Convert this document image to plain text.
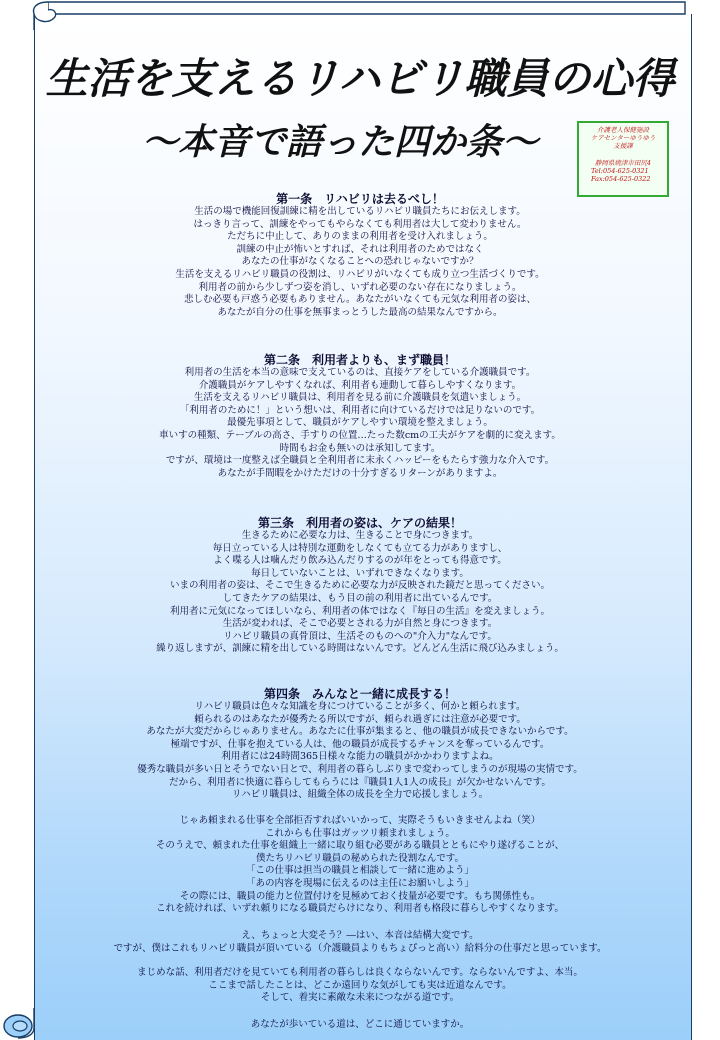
生活を支えるリハビリ職員の心得
～本音で語った四か条～	介護老人保健施設
ケアセンターゆうゆう
支援課
静岡県焼津市田尻4
Tel:054-625-0321
Fax:054-625-0322
第一条　リハビリは去るべし！
生活の場で機能回復訓練に精を出しているリハビリ職員たちにお伝えします。
はっきり言って、訓練をやってもやらなくても利用者は大して変わりません。
ただちに中止して、ありのままの利用者を受け入れましょう。
訓練の中止が怖いとすれば、それは利用者のためではなく
あなたの仕事がなくなることへの恐れじゃないですか？
生活を支えるリハビリ職員の役割は、リハビリがいなくても成り立つ生活づくりです。
利用者の前から少しずつ姿を消し、いずれ必要のない存在になりましょう。
悲しむ必要も戸惑う必要もありません。あなたがいなくても元気な利用者の姿は、
あなたが自分の仕事を無事まっとうした最高の結果なんですから。
第二条　利用者よりも、まず職員！
利用者の生活を本当の意味で支えているのは、直接ケアをしている介護職員です。
介護職員がケアしやすくなれば、利用者も連動して暮らしやすくなります。
生活を支えるリハビリ職員は、利用者を見る前に介護職員を気遣いましょう。
「利用者のために！」という想いは、利用者に向けているだけでは足りないのです。
最優先事項として、職員がケアしやすい環境を整えましょう。
車いすの種類、テーブルの高さ、手すりの位置…たった数cmの工夫がケアを劇的に変えます。
時間もお金も無いのは承知してます。
ですが、環境は一度整えば全職員と全利用者に末永くハッピーをもたらす強力な介入です。
あなたが手間暇をかけただけの十分すぎるリターンがありますよ。
第三条　利用者の姿は、ケアの結果！
生きるために必要な力は、生きることで身につきます。
毎日立っている人は特別な運動をしなくても立てる力がありますし、
よく喋る人は噛んだり飲み込んだりするのが年をとっても得意です。
毎日していないことは、いずれできなくなります。
いまの利用者の姿は、そこで生きるために必要な力が反映された鏡だと思ってください。
してきたケアの結果は、もう目の前の利用者に出ているんです。
利用者に元気になってほしいなら、利用者の体ではなく『毎日の生活』を変えましょう。
生活が変われば、そこで必要とされる力が自然と身につきます。
リハビリ職員の真骨頂は、生活そのものへの"介入力"なんです。
繰り返しますが、訓練に精を出している時間はないんです。どんどん生活に飛び込みましょう。
第四条　みんなと一緒に成長する！
リハビリ職員は色々な知識を身につけていることが多く、何かと頼られます。
頼られるのはあなたが優秀たる所以ですが、頼られ過ぎには注意が必要です。
あなたが大変だからじゃありません。あなたに仕事が集まると、他の職員が成長できないからです。
極端ですが、仕事を抱えている人は、他の職員が成長するチャンスを奪っているんです。
利用者には24時間365日様々な能力の職員がかかわりますよね。
優秀な職員が多い日とそうでない日とで、利用者の暮らしぶりまで変わってしまうのが現場の実情です。
だから、利用者に快適に暮らしてもらうには『職員1人1人の成長』が欠かせないんです。
リハビリ職員は、組織全体の成長を全力で応援しましょう。
じゃあ頼まれる仕事を全部拒否すればいいかって、実際そうもいきませんよね（笑）
これからも仕事はガッツリ頼まれましょう。
そのうえで、頼まれた仕事を組織上一緒に取り組む必要がある職員とともにやり遂げることが、
僕たちリハビリ職員の秘められた役割なんです。
「この仕事は担当の職員と相談して一緒に進めよう」
「あの内容を現場に伝えるのは主任にお願いしよう」
その際には、職員の能力と位置付けを見極めておく技量が必要です。もち関係性も。
これを続ければ、いずれ頼りになる職員だらけになり、利用者も格段に暮らしやすくなります。
え、ちょっと大変そう？―はい、本音は結構大変です。
ですが、僕はこれもリハビリ職員が頂いている（介護職員よりもちょぴっと高い）給料分の仕事だと思っています。
まじめな話、利用者だけを見ていても利用者の暮らしは良くならないんです。ならないんですよ、本当。
ここまで話したことは、どこか遠回りな気がしても実は近道なんです。
そして、着実に素敵な未来につながる道です。
あなたが歩いている道は、どこに通じていますか。
